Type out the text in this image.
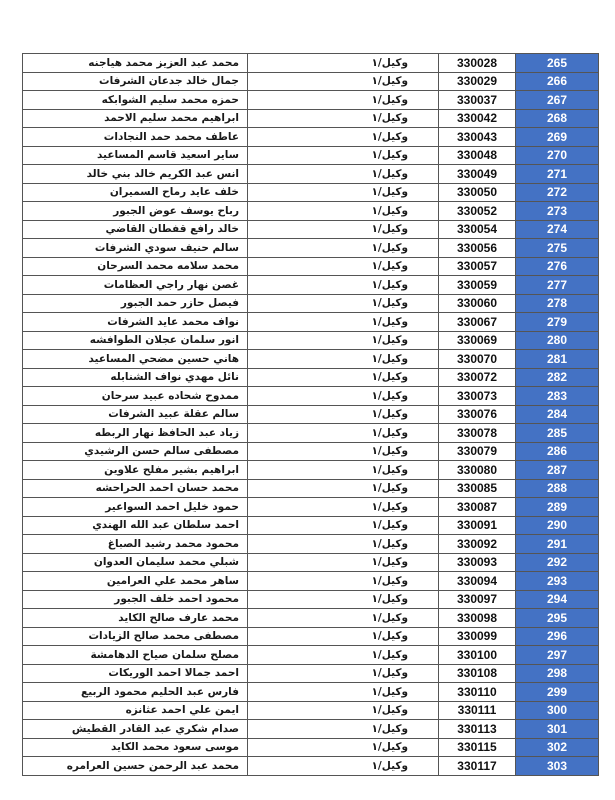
محمد عبد العزيز محمد هياجنه	وكيل/١	330028	265
جمال خالد جدعان الشرفات	وكيل/١	330029	266
حمزه محمد سليم الشوابكه	وكيل/١	330037	267
ابراهيم محمد سليم الاحمد	وكيل/١	330042	268
عاطف محمد حمد النجادات	وكيل/١	330043	269
ساير اسعيد قاسم المساعيد	وكيل/١	330048	270
انس عبد الكريم خالد بني خالد	وكيل/١	330049	271
خلف عايد رماح السميران	وكيل/١	330050	272
رباح يوسف عوض الجبور	وكيل/١	330052	273
خالد رافع قفطان القاضي	وكيل/١	330054	274
سالم حنيف سودي الشرفات	وكيل/١	330056	275
محمد سلامه محمد السرحان	وكيل/١	330057	276
غصن نهار راجي العظامات	وكيل/١	330059	277
فيصل حازر حمد الجبور	وكيل/١	330060	278
نواف محمد عايد الشرفات	وكيل/١	330067	279
انور سلمان عجلان الطوافشه	وكيل/١	330069	280
هاني حسين مضحي المساعيد	وكيل/١	330070	281
نائل مهدي نواف الشنابله	وكيل/١	330072	282
ممدوح شحاده عبيد سرحان	وكيل/١	330073	283
سالم عقلة عبيد الشرفات	وكيل/١	330076	284
زياد عبد الحافظ نهار الربطه	وكيل/١	330078	285
مصطفى سالم حسن الرشيدي	وكيل/١	330079	286
ابراهيم بشير مفلح علاوين	وكيل/١	330080	287
محمد حسان احمد الحراحشه	وكيل/١	330085	288
حمود خليل احمد السواعير	وكيل/١	330087	289
احمد سلطان عبد الله الهندي	وكيل/١	330091	290
محمود محمد رشيد الصباغ	وكيل/١	330092	291
شبلي محمد سليمان العدوان	وكيل/١	330093	292
ساهر محمد علي العرامين	وكيل/١	330094	293
محمود احمد خلف الجبور	وكيل/١	330097	294
محمد عارف صالح الكايد	وكيل/١	330098	295
مصطفى محمد صالح الزيادات	وكيل/١	330099	296
مصلح سلمان صياح الدهامشة	وكيل/١	330100	297
احمد جمالا احمد الوريكات	وكيل/١	330108	298
فارس عبد الحليم محمود الربيع	وكيل/١	330110	299
ايمن علي احمد عثانزه	وكيل/١	330111	300
صدام شكري عبد القادر القطيش	وكيل/١	330113	301
موسى سعود محمد الكايد	وكيل/١	330115	302
محمد عبد الرحمن حسين العرامره	وكيل/١	330117	303
